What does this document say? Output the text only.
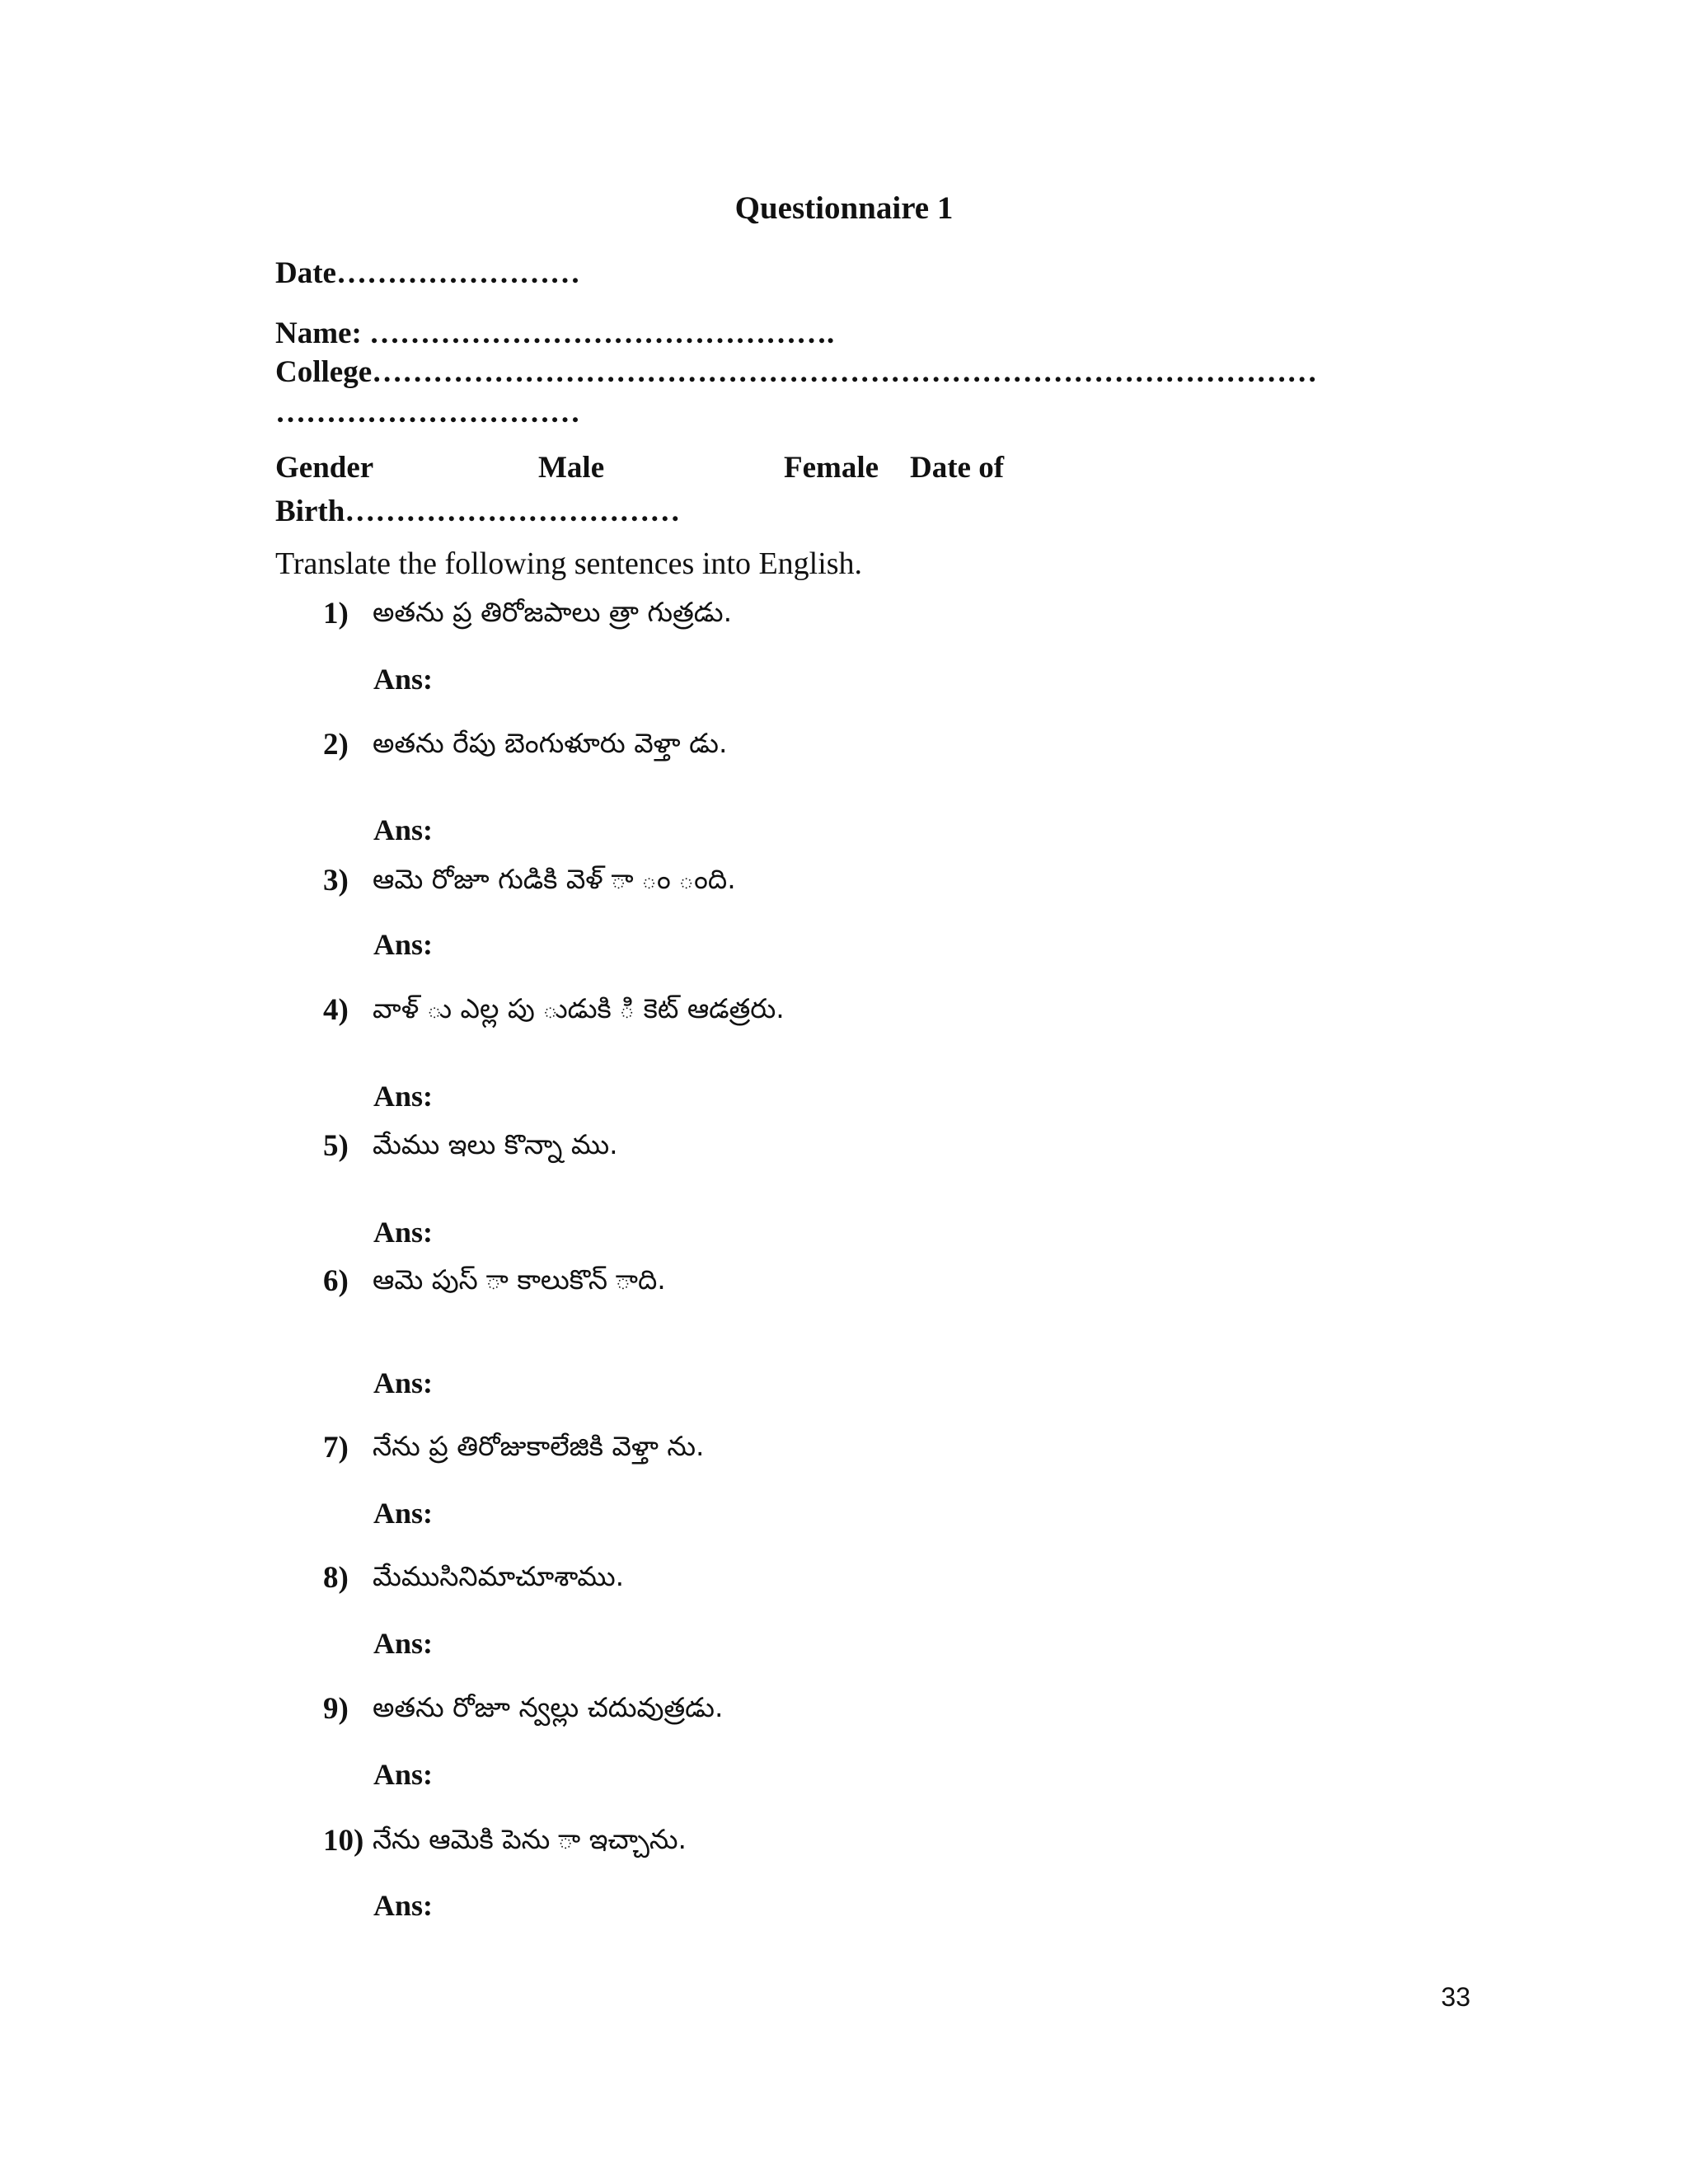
Questionnaire 1
Date……………………
Name: ……………………………………….
College…………………………………………………………………………………
…………………………
Gender	Male	Female Date of
Birth……………………………
Translate the following sentences into English.
1) అతను ప్ర తిరోజపాలు త్రా గుత్రడు.
Ans:
2) అతను రేపు బెంగుళూరు వెళ్తా డు.
Ans:
3) ఆమె రోజూ గుడికి వెళ్ ా ం ంది.
Ans:
4) వాళ్ ు ఎల్ల పు ుడుకి ి కెట్ ఆడత్రరు.
Ans:
5) మేము ఇలు కొన్నా ము.
Ans:
6) ఆమె పుస్ ా కాలుకొన్ ాది.
Ans:
7) నేను ప్ర తిరోజుకాలేజికి వెళ్తా ను.
Ans:
8) మేముసినిమాచూశాము.
Ans:
9) అతను రోజూ న్వల్లు చదువుత్రడు.
Ans:
10) నేను ఆమెకి పెను ా ఇచ్చాను.
Ans:
33
